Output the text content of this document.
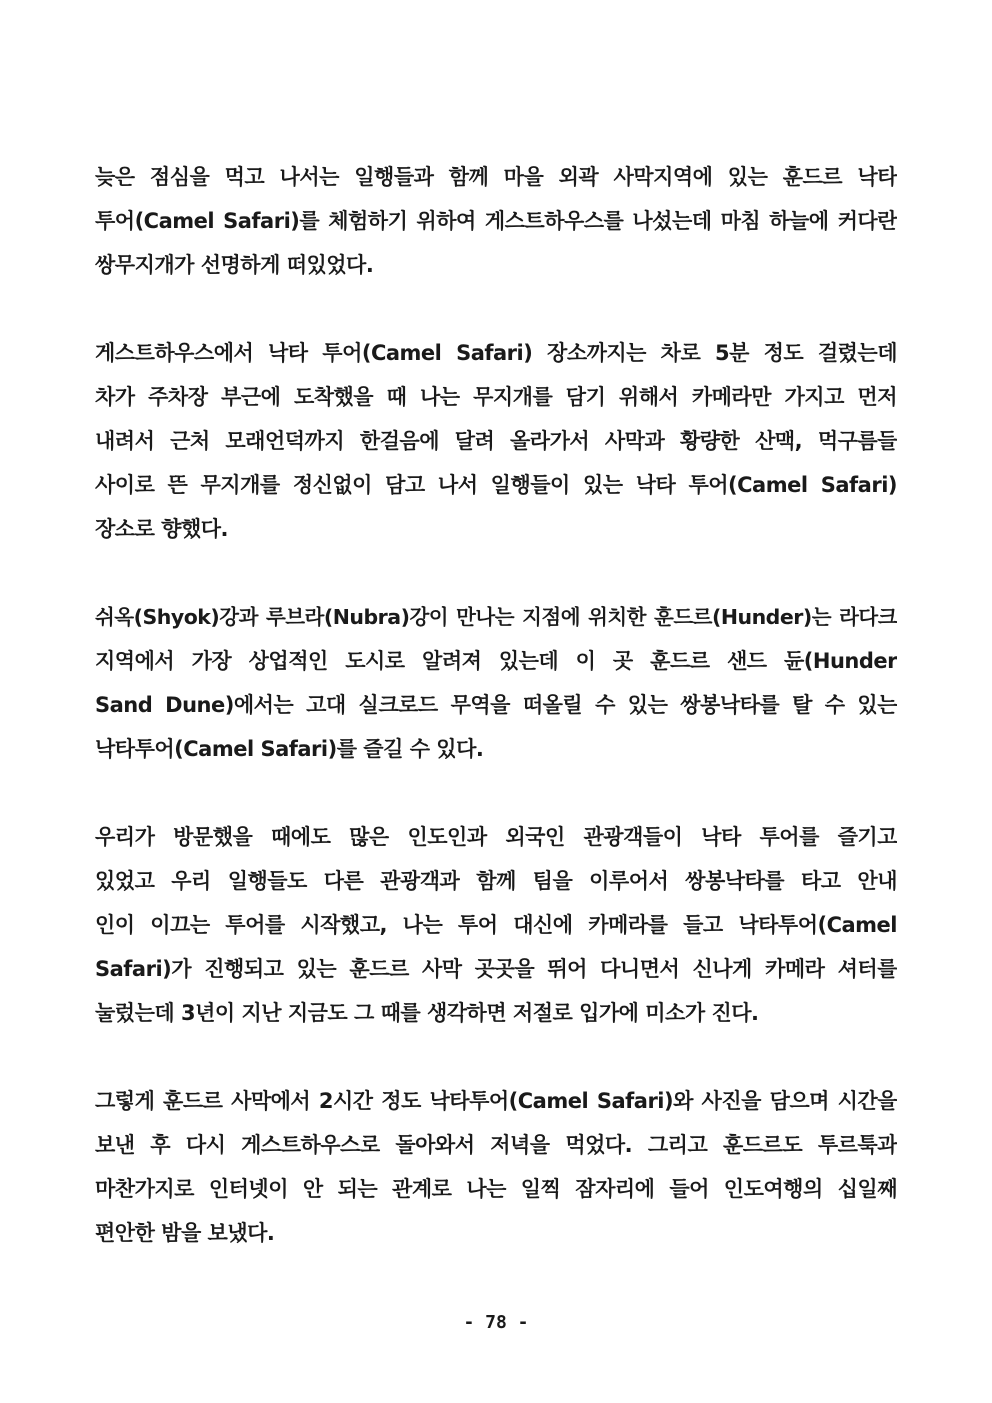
늦은 점심을 먹고 나서는 일행들과 함께 마을 외곽 사막지역에 있는 훈드르 낙타
투어(Camel Safari)를 체험하기 위하여 게스트하우스를 나섰는데 마침 하늘에 커다란
쌍무지개가 선명하게 떠있었다.
게스트하우스에서 낙타 투어(Camel Safari) 장소까지는 차로 5분 정도 걸렸는데
차가 주차장 부근에 도착했을 때 나는 무지개를 담기 위해서 카메라만 가지고 먼저
내려서 근처 모래언덕까지 한걸음에 달려 올라가서 사막과 황량한 산맥, 먹구름들
사이로 뜬 무지개를 정신없이 담고 나서 일행들이 있는 낙타 투어(Camel Safari)
장소로 향했다.
쉬옥(Shyok)강과 루브라(Nubra)강이 만나는 지점에 위치한 훈드르(Hunder)는 라다크
지역에서 가장 상업적인 도시로 알려져 있는데 이 곳 훈드르 샌드 듄(Hunder
Sand Dune)에서는 고대 실크로드 무역을 떠올릴 수 있는 쌍봉낙타를 탈 수 있는
낙타투어(Camel Safari)를 즐길 수 있다.
우리가 방문했을 때에도 많은 인도인과 외국인 관광객들이 낙타 투어를 즐기고
있었고 우리 일행들도 다른 관광객과 함께 팀을 이루어서 쌍봉낙타를 타고 안내
인이 이끄는 투어를 시작했고, 나는 투어 대신에 카메라를 들고 낙타투어(Camel
Safari)가 진행되고 있는 훈드르 사막 곳곳을 뛰어 다니면서 신나게 카메라 셔터를
눌렀는데 3년이 지난 지금도 그 때를 생각하면 저절로 입가에 미소가 진다.
그렇게 훈드르 사막에서 2시간 정도 낙타투어(Camel Safari)와 사진을 담으며 시간을
보낸 후 다시 게스트하우스로 돌아와서 저녁을 먹었다. 그리고 훈드르도 투르툭과
마찬가지로 인터넷이 안 되는 관계로 나는 일찍 잠자리에 들어 인도여행의 십일째
편안한 밤을 보냈다.
- 78 -
